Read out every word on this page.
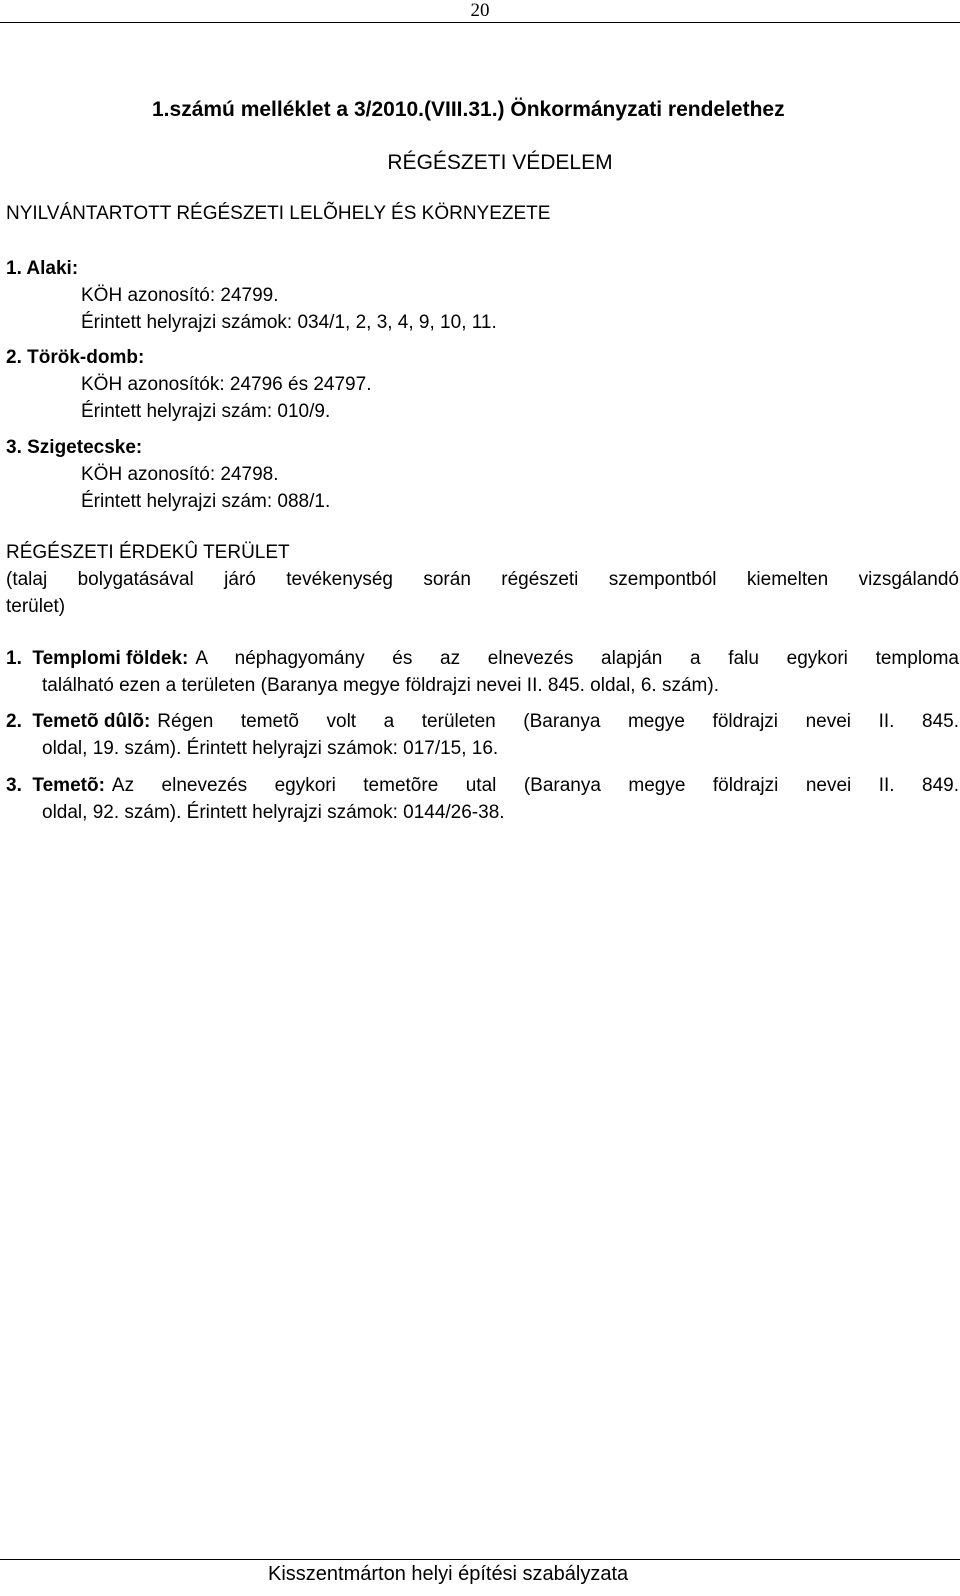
20
1.számú melléklet a 3/2010.(VIII.31.) Önkormányzati rendelethez
RÉGÉSZETI VÉDELEM
NYILVÁNTARTOTT RÉGÉSZETI LELÕHELY ÉS KÖRNYEZETE
1. Alaki:
KÖH azonosító: 24799.
Érintett helyrajzi számok: 034/1, 2, 3, 4, 9, 10, 11.
2. Török-domb:
KÖH azonosítók: 24796 és 24797.
Érintett helyrajzi szám: 010/9.
3. Szigetecske:
KÖH azonosító: 24798.
Érintett helyrajzi szám: 088/1.
RÉGÉSZETI ÉRDEKÛ TERÜLET
(talaj bolygatásával járó tevékenység során régészeti szempontból kiemelten vizsgálandó
terület)
1. Templomi földek: A néphagyomány és az elnevezés alapján a falu egykori temploma
található ezen a területen (Baranya megye földrajzi nevei II. 845. oldal, 6. szám).
2. Temetõ dûlõ: Régen temetõ volt a területen (Baranya megye földrajzi nevei II. 845.
oldal, 19. szám). Érintett helyrajzi számok: 017/15, 16.
3. Temetõ: Az elnevezés egykori temetõre utal (Baranya megye földrajzi nevei II. 849.
oldal, 92. szám). Érintett helyrajzi számok: 0144/26-38.
Kisszentmárton helyi építési szabályzata
